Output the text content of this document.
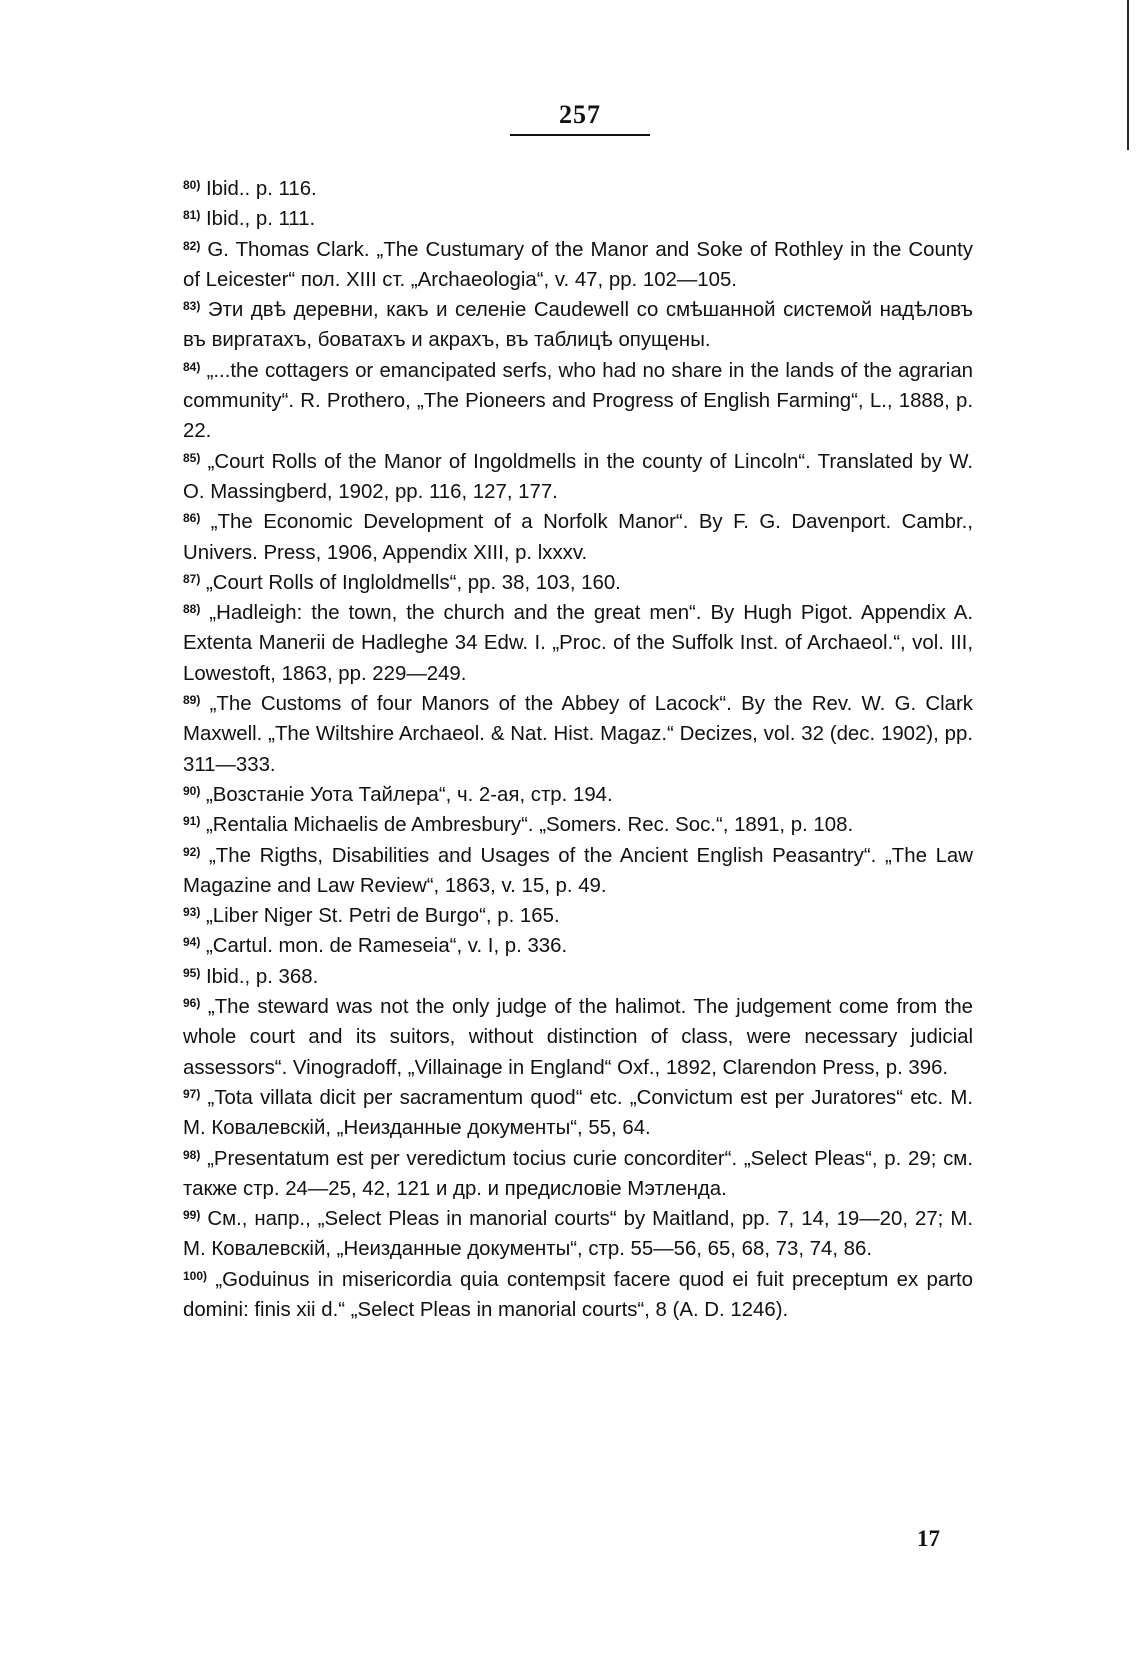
257

$^{80)}$ Ibid.. p. 116.

$^{81)}$ Ibid., p. 111.

$^{82)}$ G. Thomas Clark. „The Custumary of the Manor and Soke of Rothley in the County of Leicester“ пол. XIII ст. „Archaeologia“, v. 47, pp. 102—105.

$^{83)}$ Эти двѣ деревни, какъ и селенiе Caudewell со смѣшанной системой надѣловъ въ виргатахъ, боватахъ и акрахъ, въ таблицѣ опущены.

$^{84)}$ „...the cottagers or emancipated serfs, who had no share in the lands of the agrarian community“. R. Prothero, „The Pioneers and Progress of English Farming“, L., 1888, p. 22.

$^{85)}$ „Court Rolls of the Manor of Ingoldmells in the county of Lincoln“. Translated by W. O. Massingberd, 1902, pp. 116, 127, 177.

$^{86)}$ „The Economic Development of a Norfolk Manor“. By F. G. Davenport. Cambr., Univers. Press, 1906, Appendix XIII, p. lxxxv.

$^{87)}$ „Court Rolls of Ingloldmells“, pp. 38, 103, 160.

$^{88)}$ „Hadleigh: the town, the church and the great men“. By Hugh Pigot. Appendix A. Extenta Manerii de Hadleghe 34 Edw. I. „Proc. of the Suffolk Inst. of Archaeol.“, vol. III, Lowestoft, 1863, pp. 229—249.

$^{89)}$ „The Customs of four Manors of the Abbey of Lacock“. By the Rev. W. G. Clark Maxwell. „The Wiltshire Archaeol. & Nat. Hist. Magaz.“ Decizes, vol. 32 (dec. 1902), pp. 311—333.

$^{90)}$ „Возстанiе Уота Тайлера“, ч. 2-ая, стр. 194.

$^{91)}$ „Rentalia Michaelis de Ambresbury“. „Somers. Rec. Soc.“, 1891, p. 108.

$^{92)}$ „The Rigths, Disabilities and Usages of the Ancient English Peasantry“. „The Law Magazine and Law Review“, 1863, v. 15, p. 49.

$^{93)}$ „Liber Niger St. Petri de Burgo“, p. 165.

$^{94)}$ „Cartul. mon. de Rameseia“, v. I, p. 336.

$^{95)}$ Ibid., p. 368.

$^{96)}$ „The steward was not the only judge of the halimot. The judgement come from the whole court and its suitors, without distinction of class, were necessary judicial assessors“. Vinogradoff, „Villainage in England“ Oxf., 1892, Clarendon Press, p. 396.

$^{97)}$ „Tota villata dicit per sacramentum quod“ etc. „Convictum est per Juratores“ etc. M. M. Ковалевскiй, „Неизданные документы“, 55, 64.

$^{98)}$ „Presentatum est per veredictum tocius curie concorditer“. „Select Pleas“, p. 29; см. также стр. 24—25, 42, 121 и др. и предисловiе Мэтленда.

$^{99)}$ См., напр., „Select Pleas in manorial courts“ by Maitland, pp. 7, 14, 19—20, 27; М. М. Ковалевскiй, „Неизданные документы“, стр. 55—56, 65, 68, 73, 74, 86.

$^{100)}$ „Goduinus in misericordia quia contempsit facere quod ei fuit preceptum ex parto domini: finis xii d.“ „Select Pleas in manorial courts“, 8 (A. D. 1246).

17
